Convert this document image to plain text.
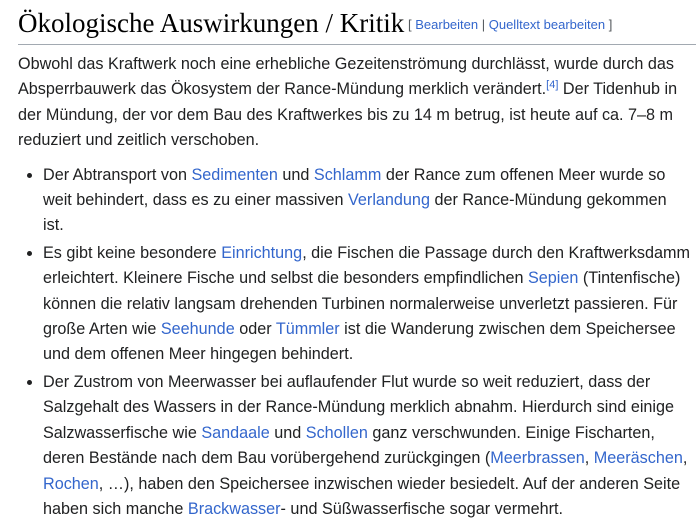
Ökologische Auswirkungen / Kritik [ Bearbeiten | Quelltext bearbeiten ]

Obwohl das Kraftwerk noch eine erhebliche Gezeitenströmung durchlässt, wurde durch das Absperrbauwerk das Ökosystem der Rance-Mündung merklich verändert.[4] Der Tidenhub in der Mündung, der vor dem Bau des Kraftwerkes bis zu 14 m betrug, ist heute auf ca. 7–8 m reduziert und zeitlich verschoben.

• Der Abtransport von Sedimenten und Schlamm der Rance zum offenen Meer wurde so weit behindert, dass es zu einer massiven Verlandung der Rance-Mündung gekommen ist.
• Es gibt keine besondere Einrichtung, die Fischen die Passage durch den Kraftwerksdamm erleichtert. Kleinere Fische und selbst die besonders empfindlichen Sepien (Tintenfische) können die relativ langsam drehenden Turbinen normalerweise unverletzt passieren. Für große Arten wie Seehunde oder Tümmler ist die Wanderung zwischen dem Speichersee und dem offenen Meer hingegen behindert.
• Der Zustrom von Meerwasser bei auflaufender Flut wurde so weit reduziert, dass der Salzgehalt des Wassers in der Rance-Mündung merklich abnahm. Hierdurch sind einige Salzwasserfische wie Sandaale und Schollen ganz verschwunden. Einige Fischarten, deren Bestände nach dem Bau vorübergehend zurückgingen (Meerbrassen, Meeräschen, Rochen, …), haben den Speichersee inzwischen wieder besiedelt. Auf der anderen Seite haben sich manche Brackwasser- und Süßwasserfische sogar vermehrt.
